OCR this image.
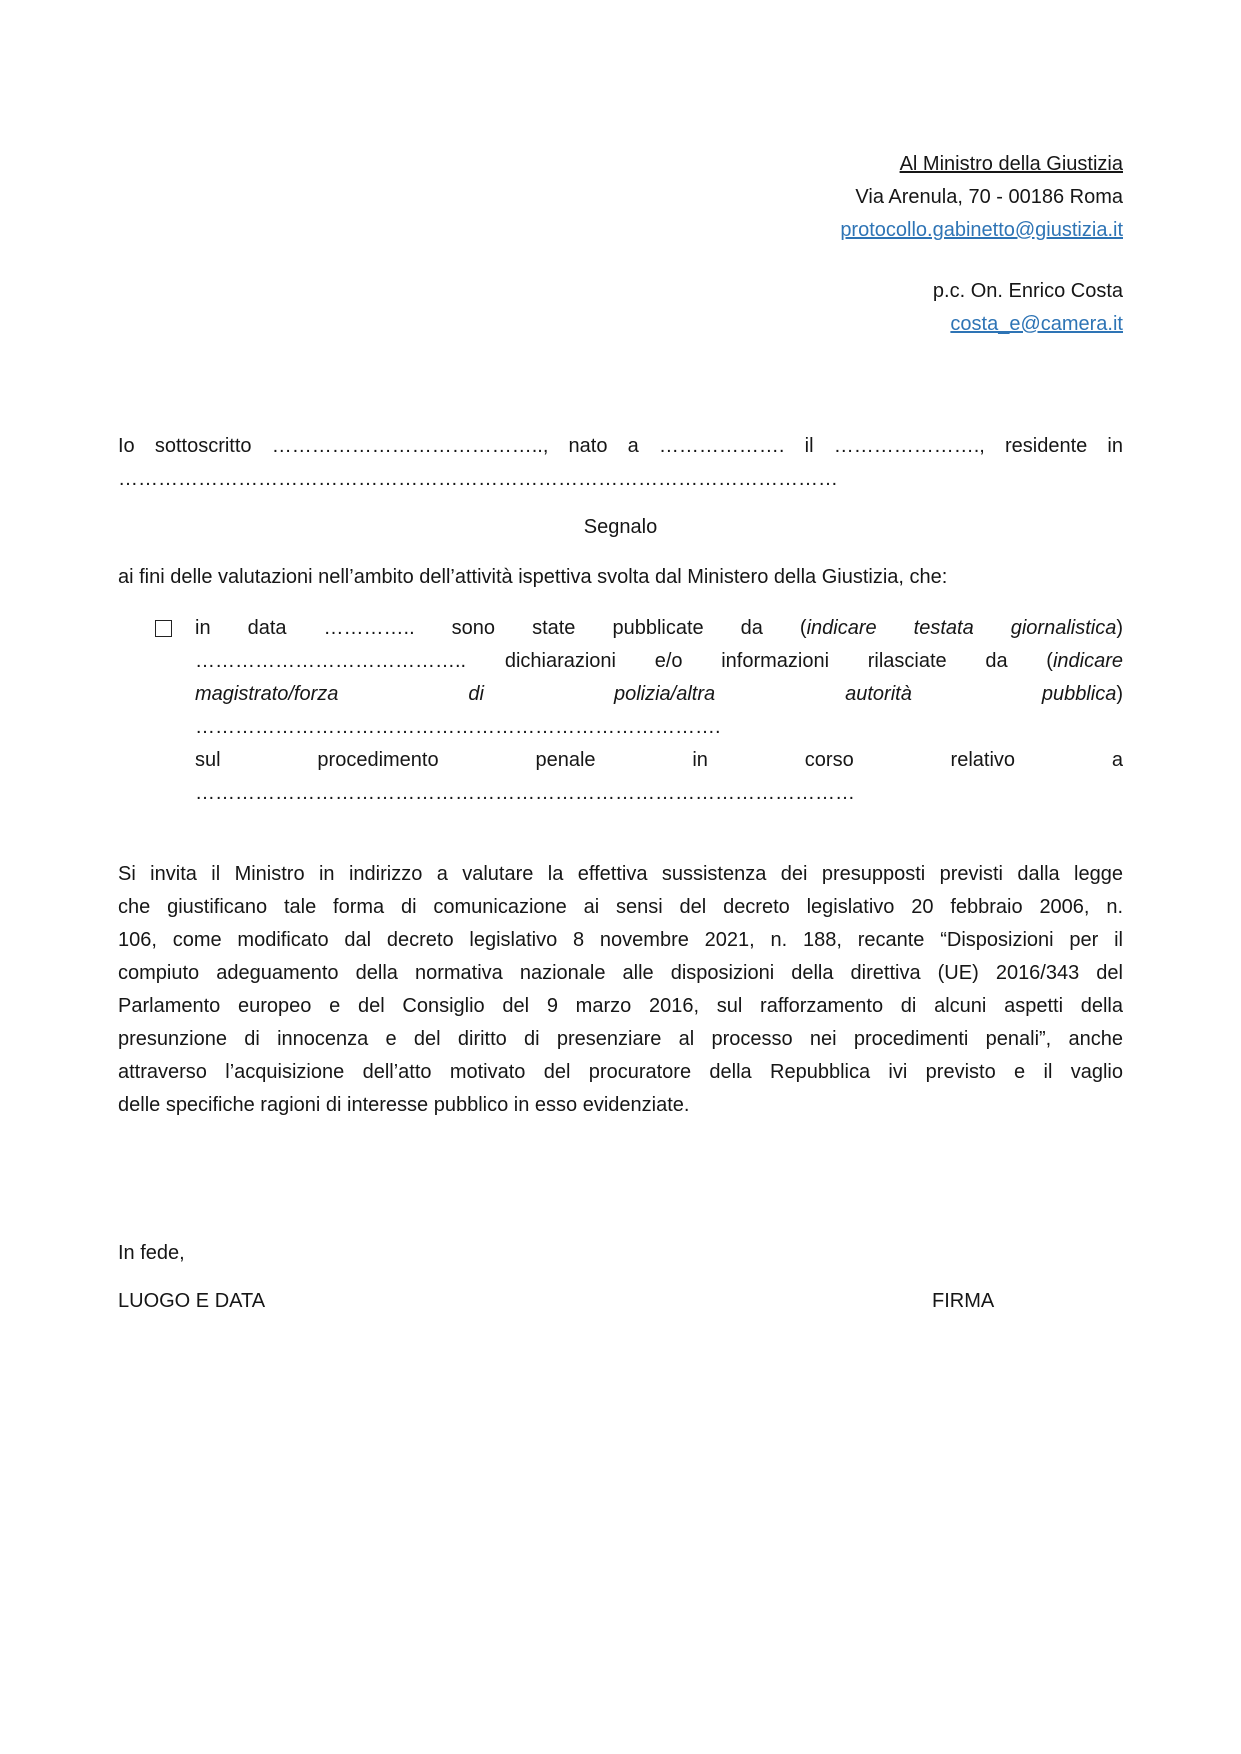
Al Ministro della Giustizia
Via Arenula, 70 - 00186 Roma
protocollo.gabinetto@giustizia.it
p.c. On. Enrico Costa
costa_e@camera.it
Io sottoscritto ………………………………….., nato a ………………. il …………………., residente in
………………………………………………………………………………………………
Segnalo
ai fini delle valutazioni nell’ambito dell’attività ispettiva svolta dal Ministero della Giustizia, che:
in data ………….. sono state pubblicate da (indicare testata giornalistica)
………………………………….. dichiarazioni e/o informazioni rilasciate da (indicare
magistrato/forza di polizia/altra autorità pubblica) …………………………………………………………………….
sul procedimento penale in corso relativo a ………………………………………………………………………………………
Si invita il Ministro in indirizzo a valutare la effettiva sussistenza dei presupposti previsti dalla legge
che giustificano tale forma di comunicazione ai sensi del decreto legislativo 20 febbraio 2006, n.
106, come modificato dal decreto legislativo 8 novembre 2021, n. 188, recante “Disposizioni per il
compiuto adeguamento della normativa nazionale alle disposizioni della direttiva (UE) 2016/343 del
Parlamento europeo e del Consiglio del 9 marzo 2016, sul rafforzamento di alcuni aspetti della
presunzione di innocenza e del diritto di presenziare al processo nei procedimenti penali”, anche
attraverso l’acquisizione dell’atto motivato del procuratore della Repubblica ivi previsto e il vaglio
delle specifiche ragioni di interesse pubblico in esso evidenziate.
In fede,
LUOGO E DATA	FIRMA
